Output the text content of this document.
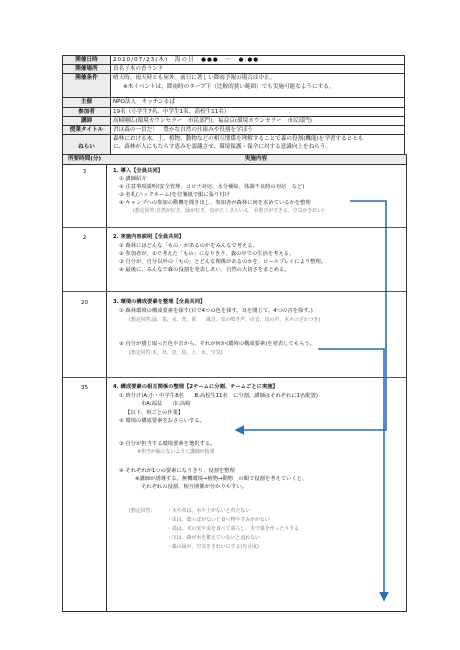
開催日時	2020/07/23(木)　海の日　●●●　～　●:●●
開催場所	真名子木の香ランド
開催条件	晴天時、雨天時とも屋外。前日に著しい降雨予報の場合は中止。
※本イベントは、降雨時のタープ下（比較的狭い範囲）でも実施可能なようにする。

主催	NPO法人　キッチンるぱ
参加者	19名（小学生7名、中学生1名、高校生11名）
講師	高崎剛広(環境カウンセラー　市民部門)、福益京(環境カウンセラー　市民部門)
授業タイトル	君は森の一員だ！　豊かな自然の仕組みや役割を学ぼう
ねらい	森林における木、土、植物、動物などの相互関係を理解することで森の役割(機能)を学習するととも
に、森林が人にもたらす恵みを認識させ、環境保護・保全に対する意識向上をねらう。
所要時間(分)	実施内容
3	1. 導入【全員共同】
① 講師紹介
② 注意事項説明(安全管理、コロナ対応、水分補給、体調不良時の対応　など)
③ 名札(ニックネーム)を付箋紙で服に張り付け
④ キャンプへの参加の動機を聞き出し、参加者が森林に何を求めているかを整理
(想定回答:自然が好き、緑が好き、虫がたくさんいる、水遊びができる、空気がきれい)
2	2. 実施内容説明【全員共同】
① 森林にはどんな「もの」があるのかをみんなで考える。
② 参加者が、①で考えた「もの」になりきり、森の中での生活を考える。
③ 自分が、自分以外の「もの」とどんな関係があるのかを、ロールプレイにより整理。
④ 最後に、みんなで森の役割を発表しあい、自然の大切さをまとめる。
20	3. 環境の構成要素を整理【全員共同】
① 森林環境の構成要素を探す(目で4つの色を探す。耳を閉じて、4つの音を探す。)
(想定回答:緑、茶、水、青、黄　　風音、虫の鳴き声、川音、鳥の声、木々のざわつき)
② 自分が感じ取った色や音から、それが何か(環境の構成要素)を発表してもらう。
(想定回答:木、草、虫、鳥、土、水、空気)
35	4. 構成要素の相互関係の整理【2チームに分割、チームごとに実施】
① 班分け(A:小・中学生8名　　B:高校生11名　に分割。講師はそれぞれに1名配置)
市A:福益　　市:高崎
【以下、班ごとの作業】
② 環境の構成要素をおさらいする。
③ 自分が担当する環境要素を選択する。
※担当が偏らないように講師が指導
④ それぞれが1つの要素になりきり、役割を整理
※講師が誘導する。無機環境→植物→動物　の順で役割を考えていくと、
それぞれの役割、相互関係が分かりやすい。
(想定回答:	・木や草は、水や土がないと育たない
・虫は、葉っぱがないと食べ物やすみかがない
・鳥は、木の実や虫を食べて暮らし、木で巣を作ったりする
・川は、森が水を蓄えていないと流れない
・森の緑が、空気をきれいにする(光合成)
